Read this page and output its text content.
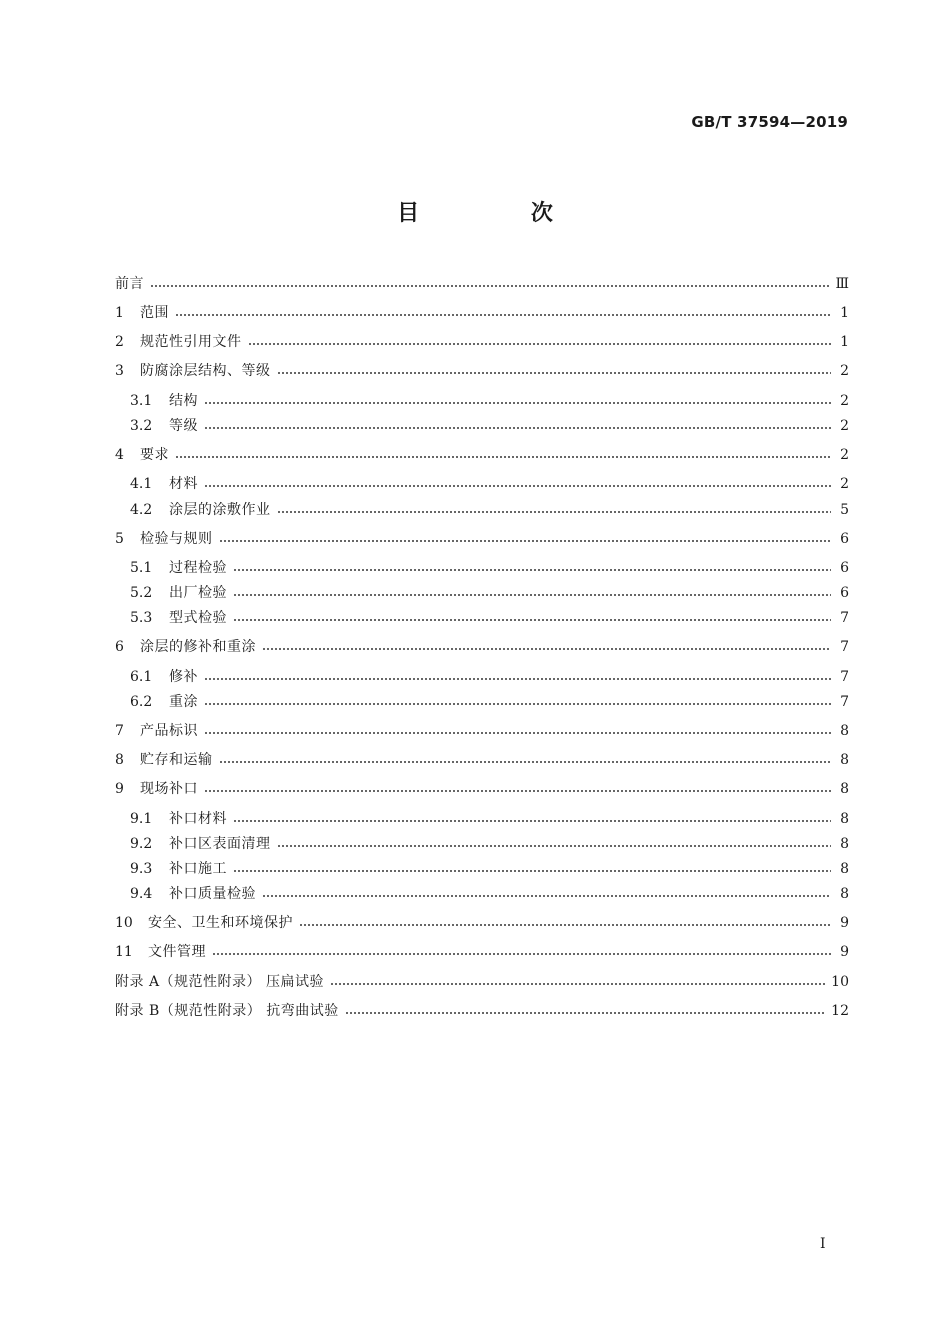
GB/T 37594—2019
目 次
前言	Ⅲ
1	范围	1
2	规范性引用文件	1
3	防腐涂层结构、等级	2
3.1	结构	2
3.2	等级	2
4	要求	2
4.1	材料	2
4.2	涂层的涂敷作业	5
5	检验与规则	6
5.1	过程检验	6
5.2	出厂检验	6
5.3	型式检验	7
6	涂层的修补和重涂	7
6.1	修补	7
6.2	重涂	7
7	产品标识	8
8	贮存和运输	8
9	现场补口	8
9.1	补口材料	8
9.2	补口区表面清理	8
9.3	补口施工	8
9.4	补口质量检验	8
10	安全、卫生和环境保护	9
11	文件管理	9
附录 A（规范性附录） 压扁试验	10
附录 B（规范性附录） 抗弯曲试验	12
I
